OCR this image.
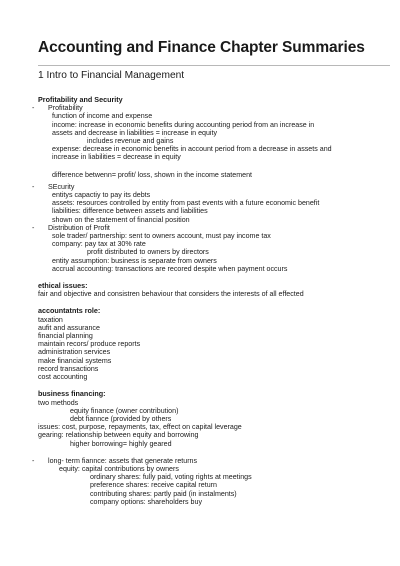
Accounting and Finance Chapter Summaries
1 Intro to Financial Management
Profitability and Security
- Profitability
function of income and expense
income: increase in economic benefits during accounting period from an increase in
assets and decrease in liabilities = increase in equity
includes revenue and gains
expense: decrease in economic benefits in account period from a decrease in assets and
increase in liabilities = decrease in equity
difference betwenn= profit/ loss, shown in the income statement
- SEcurity
entitys capactiy to pay its debts
assets: resources controlled by entity from past events with a future economic benefit
liabilities: difference between assets and liabilities
shown on the statement of financial position
- Distribution of Profit
sole trader/ partnership: sent to owners account, must pay income tax
company: pay tax at 30% rate
profit distributed to owners by directors
entity assumption: business is separate from owners
accrual accounting: transactions are recored despite when payment occurs
ethical issues:
fair and objective and consistren behaviour that considers the interests of all effected
accountatnts role:
taxation
aufit and assurance
financial planning
maintain recors/ produce reports
administration services
make financial systems
record transactions
cost accounting
business financing:
two methods
equity finance (owner contribution)
debt fiannce (provided by others
issues: cost, purpose, repayments, tax, effect on capital leverage
gearing: relationship between equity and borrowing
higher borrowing= highly geared
- long- term fiannce: assets that generate returns
equity: capital contributions by owners
ordinary shares: fully paid, voting rights at meetings
preference shares: receive capital return
contributing shares: partly paid (in instalments)
company options: shareholders buy
